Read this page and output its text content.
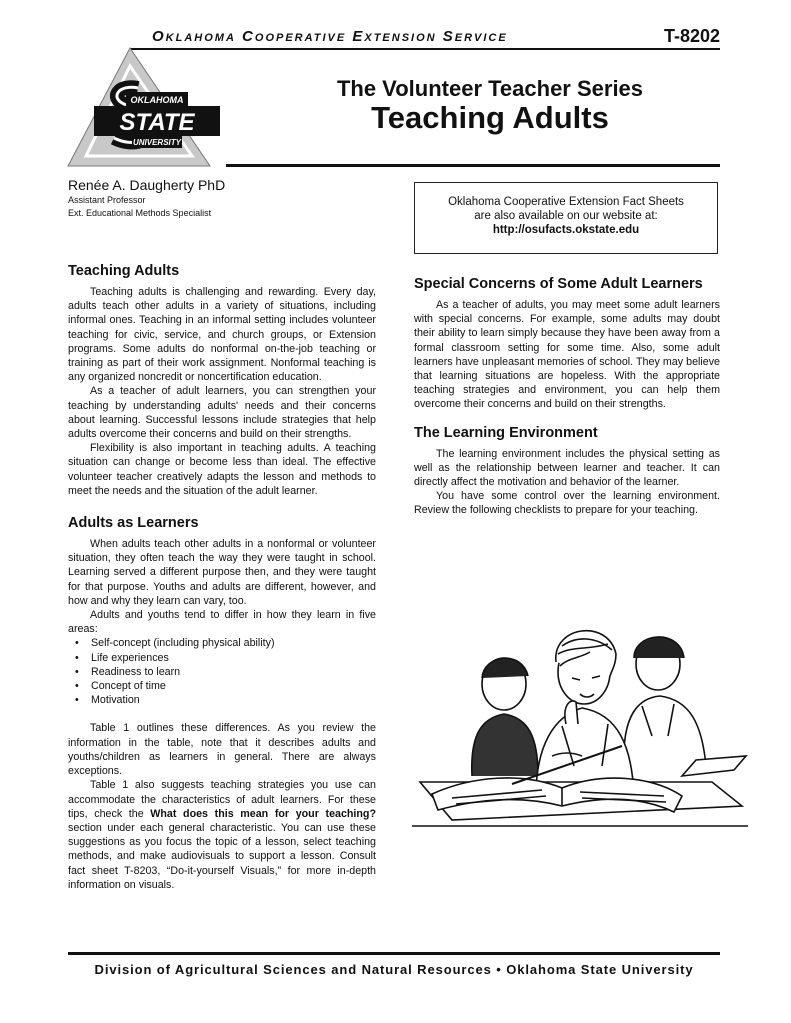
Oklahoma Cooperative Extension Service	T-8202
OKLAHOMA
STATE
UNIVERSITY
The Volunteer Teacher Series
Teaching Adults
Renée A. Daugherty PhD
Assistant Professor
Ext. Educational Methods Specialist
Oklahoma Cooperative Extension Fact Sheets
are also available on our website at:
http://osufacts.okstate.edu
Teaching Adults

Teaching adults is challenging and rewarding. Every day, adults teach other adults in a variety of situations, including informal ones. Teaching in an informal setting includes volunteer teaching for civic, service, and church groups, or Extension programs. Some adults do nonformal on-the-job teaching or training as part of their work assignment. Nonformal teaching is any organized noncredit or noncertification education.

As a teacher of adult learners, you can strengthen your teaching by understanding adults' needs and their concerns about learning. Successful lessons include strategies that help adults overcome their concerns and build on their strengths.

Flexibility is also important in teaching adults. A teaching situation can change or become less than ideal. The effective volunteer teacher creatively adapts the lesson and methods to meet the needs and the situation of the adult learner.

Adults as Learners

When adults teach other adults in a nonformal or volunteer situation, they often teach the way they were taught in school. Learning served a different purpose then, and they were taught for that purpose. Youths and adults are different, however, and how and why they learn can vary, too.

Adults and youths tend to differ in how they learn in five areas:

• Self-concept (including physical ability)
• Life experiences
• Readiness to learn
• Concept of time
• Motivation

Table 1 outlines these differences. As you review the information in the table, note that it describes adults and youths/children as learners in general. There are always exceptions.

Table 1 also suggests teaching strategies you use can accommodate the characteristics of adult learners. For these tips, check the What does this mean for your teaching? section under each general characteristic. You can use these suggestions as you focus the topic of a lesson, select teaching methods, and make audiovisuals to support a lesson. Consult fact sheet T-8203, “Do-it-yourself Visuals,” for more in-depth information on visuals.

Special Concerns of Some Adult Learners

As a teacher of adults, you may meet some adult learners with special concerns. For example, some adults may doubt their ability to learn simply because they have been away from a formal classroom setting for some time. Also, some adult learners have unpleasant memories of school. They may believe that learning situations are hopeless. With the appropriate teaching strategies and environment, you can help them overcome their concerns and build on their strengths.

The Learning Environment

The learning environment includes the physical setting as well as the relationship between learner and teacher. It can directly affect the motivation and behavior of the learner.

You have some control over the learning environment. Review the following checklists to prepare for your teaching.

Division of Agricultural Sciences and Natural Resources • Oklahoma State University
